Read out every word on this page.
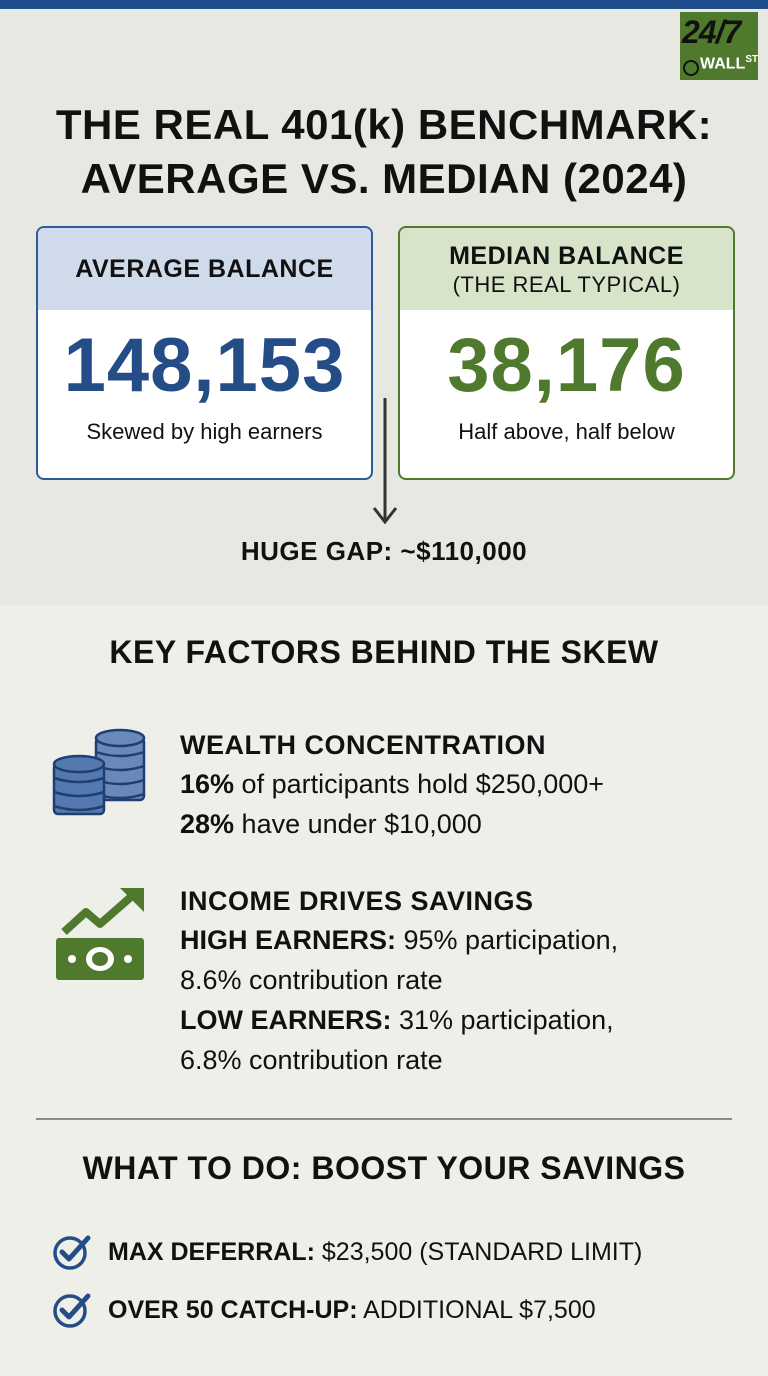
24/7
$WALL^{ST}$
THE REAL 401(k) BENCHMARK:
AVERAGE VS. MEDIAN (2024)
AVERAGE BALANCE
148,153
Skewed by high earners
MEDIAN BALANCE
(THE REAL TYPICAL)
38,176
Half above, half below
HUGE GAP: ~$110,000
KEY FACTORS BEHIND THE SKEW
WEALTH CONCENTRATION
16% of participants hold $250,000+
28% have under $10,000
INCOME DRIVES SAVINGS
HIGH EARNERS: 95% participation,
8.6% contribution rate
LOW EARNERS: 31% participation,
6.8% contribution rate
WHAT TO DO: BOOST YOUR SAVINGS
MAX DEFERRAL: $23,500 (STANDARD LIMIT)
OVER 50 CATCH-UP: ADDITIONAL $7,500
